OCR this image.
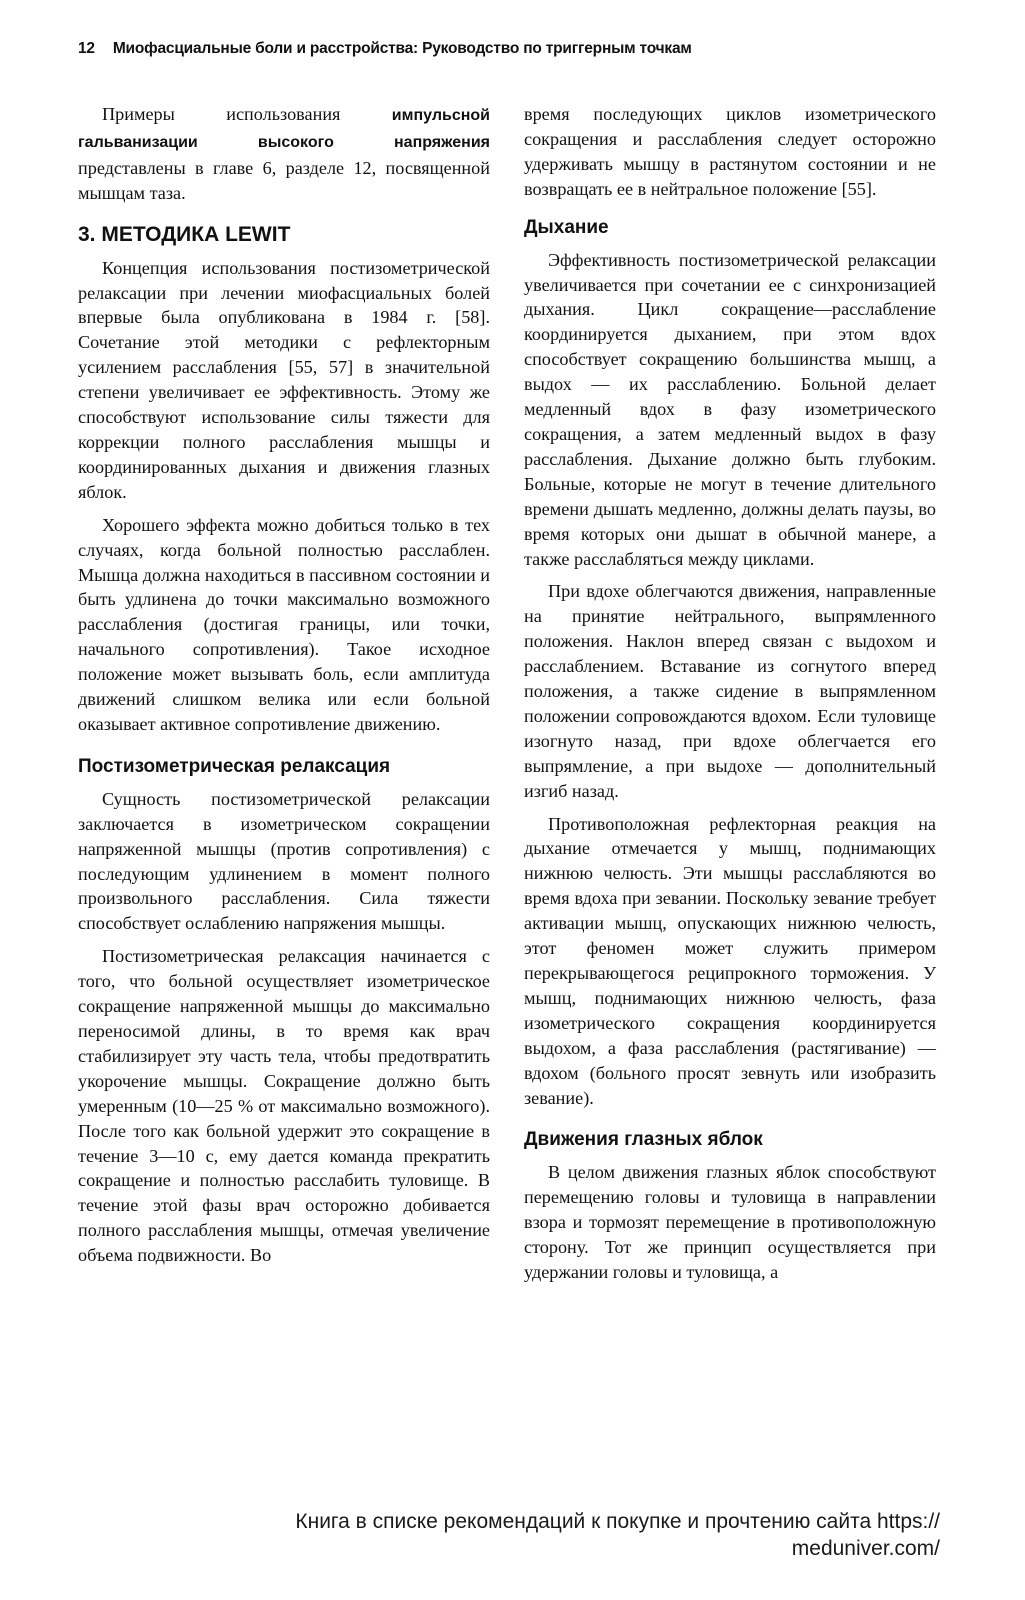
12 Миофасциальные боли и расстройства: Руководство по триггерным точкам

Примеры использования импульсной гальванизации высокого напряжения представлены в главе 6, разделе 12, посвященной мышцам таза.

3. МЕТОДИКА LEWIT

Концепция использования постизометрической релаксации при лечении миофасциальных болей впервые была опубликована в 1984 г. [58]. Сочетание этой методики с рефлекторным усилением расслабления [55, 57] в значительной степени увеличивает ее эффективность. Этому же способствуют использование силы тяжести для коррекции полного расслабления мышцы и координированных дыхания и движения глазных яблок.

Хорошего эффекта можно добиться только в тех случаях, когда больной полностью расслаблен. Мышца должна находиться в пассивном состоянии и быть удлинена до точки максимально возможного расслабления (достигая границы, или точки, начального сопротивления). Такое исходное положение может вызывать боль, если амплитуда движений слишком велика или если больной оказывает активное сопротивление движению.

Постизометрическая релаксация

Сущность постизометрической релаксации заключается в изометрическом сокращении напряженной мышцы (против сопротивления) с последующим удлинением в момент полного произвольного расслабления. Сила тяжести способствует ослаблению напряжения мышцы.

Постизометрическая релаксация начинается с того, что больной осуществляет изометрическое сокращение напряженной мышцы до максимально переносимой длины, в то время как врач стабилизирует эту часть тела, чтобы предотвратить укорочение мышцы. Сокращение должно быть умеренным (10—25 % от максимально возможного). После того как больной удержит это сокращение в течение 3—10 с, ему дается команда прекратить сокращение и полностью расслабить туловище. В течение этой фазы врач осторожно добивается полного расслабления мышцы, отмечая увеличение объема подвижности. Во

время последующих циклов изометрического сокращения и расслабления следует осторожно удерживать мышцу в растянутом состоянии и не возвращать ее в нейтральное положение [55].

Дыхание

Эффективность постизометрической релаксации увеличивается при сочетании ее с синхронизацией дыхания. Цикл сокращение—расслабление координируется дыханием, при этом вдох способствует сокращению большинства мышц, а выдох — их расслаблению. Больной делает медленный вдох в фазу изометрического сокращения, а затем медленный выдох в фазу расслабления. Дыхание должно быть глубоким. Больные, которые не могут в течение длительного времени дышать медленно, должны делать паузы, во время которых они дышат в обычной манере, а также расслабляться между циклами.

При вдохе облегчаются движения, направленные на принятие нейтрального, выпрямленного положения. Наклон вперед связан с выдохом и расслаблением. Вставание из согнутого вперед положения, а также сидение в выпрямленном положении сопровождаются вдохом. Если туловище изогнуто назад, при вдохе облегчается его выпрямление, а при выдохе — дополнительный изгиб назад.

Противоположная рефлекторная реакция на дыхание отмечается у мышц, поднимающих нижнюю челюсть. Эти мышцы расслабляются во время вдоха при зевании. Поскольку зевание требует активации мышц, опускающих нижнюю челюсть, этот феномен может служить примером перекрывающегося реципрокного торможения. У мышц, поднимающих нижнюю челюсть, фаза изометрического сокращения координируется выдохом, а фаза расслабления (растягивание) — вдохом (больного просят зевнуть или изобразить зевание).

Движения глазных яблок

В целом движения глазных яблок способствуют перемещению головы и туловища в направлении взора и тормозят перемещение в противоположную сторону. Тот же принцип осуществляется при удержании головы и туловища, а

Книга в списке рекомендаций к покупке и прочтению сайта https://
meduniver.com/
